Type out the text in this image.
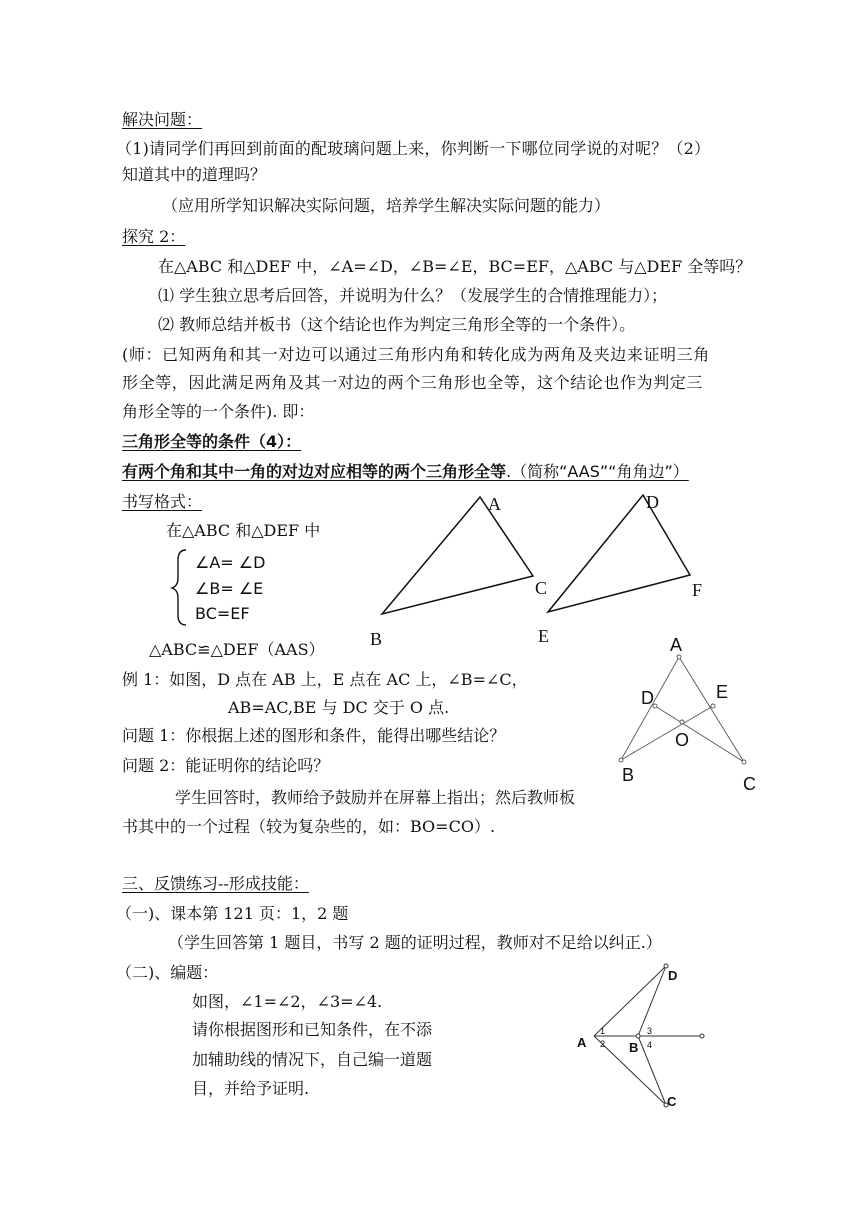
解决问题：
（1)请同学们再回到前面的配玻璃问题上来，你判断一下哪位同学说的对呢？（2）
知道其中的道理吗？
（应用所学知识解决实际问题，培养学生解决实际问题的能力）
探究 2：
在△ABC 和△DEF 中，∠A=∠D，∠B=∠E，BC=EF，△ABC 与△DEF 全等吗？
⑴ 学生独立思考后回答，并说明为什么？（发展学生的合情推理能力）；
⑵ 教师总结并板书（这个结论也作为判定三角形全等的一个条件）。
(师：已知两角和其一对边可以通过三角形内角和转化成为两角及夹边来证明三角
形全等，因此满足两角及其一对边的两个三角形也全等，这个结论也作为判定三
角形全等的一个条件). 即：
三角形全等的条件（4）：
有两个角和其中一角的对边对应相等的两个三角形全等.（简称“AAS”“角角边”）
书写格式：
在△ABC 和△DEF 中
∠A= ∠D
∠B= ∠E
BC=EF
△ABC≌△DEF（AAS）
例 1：如图，D 点在 AB 上，E 点在 AC 上，∠B=∠C，
AB=AC,BE 与 DC 交于 O 点.
问题 1：你根据上述的图形和条件，能得出哪些结论？
问题 2：能证明你的结论吗？
学生回答时，教师给予鼓励并在屏幕上指出；然后教师板
书其中的一个过程（较为复杂些的，如：BO=CO）.
三、反馈练习--形成技能：
（一)、课本第 121 页：1，2 题
（学生回答第 1 题目，书写 2 题的证明过程，教师对不足给以纠正.）
（二)、编题：
如图，∠1=∠2，∠3=∠4.
请你根据图形和已知条件，在不添
加辅助线的情况下，自己编一道题
目，并给予证明.
A
C
B
D
F
E	A
D	E
O
B	C
D
A	B
C
1
2
3
4
